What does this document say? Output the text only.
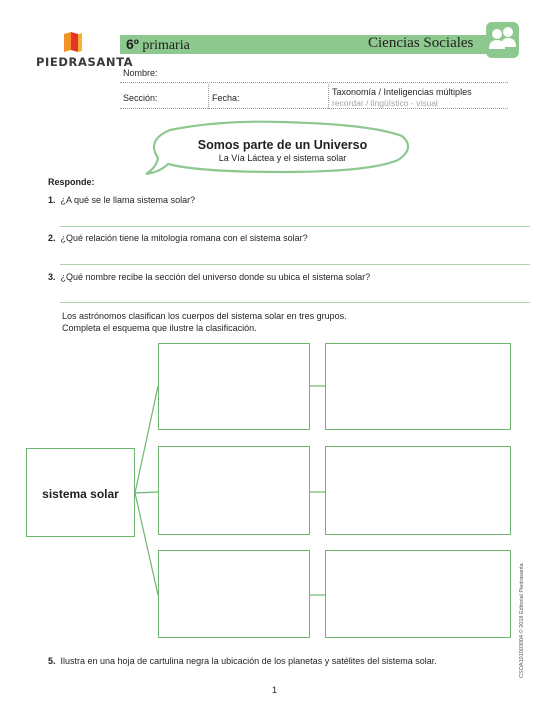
PIEDRASANTA
6º primaria	Ciencias Sociales
Nombre:
Sección:	Fecha:
Taxonomía / Inteligencias múltiples
recordar / lingüístico - visual
Somos parte de un Universo
La Vía Láctea y el sistema solar
Responde:
1. ¿A qué se le llama sistema solar?
2. ¿Qué relación tiene la mitología romana con el sistema solar?
3. ¿Qué nombre recibe la sección del universo donde su ubica el sistema solar?
Los astrónomos clasifican los cuerpos del sistema solar en tres grupos.
Completa el esquema que ilustre la clasificación.
sistema solar
5. Ilustra en una hoja de cartulina negra la ubicación de los planetas y satélites del sistema solar.	CSOA101003004 © 2018 Editorial Piedrasanta
1
